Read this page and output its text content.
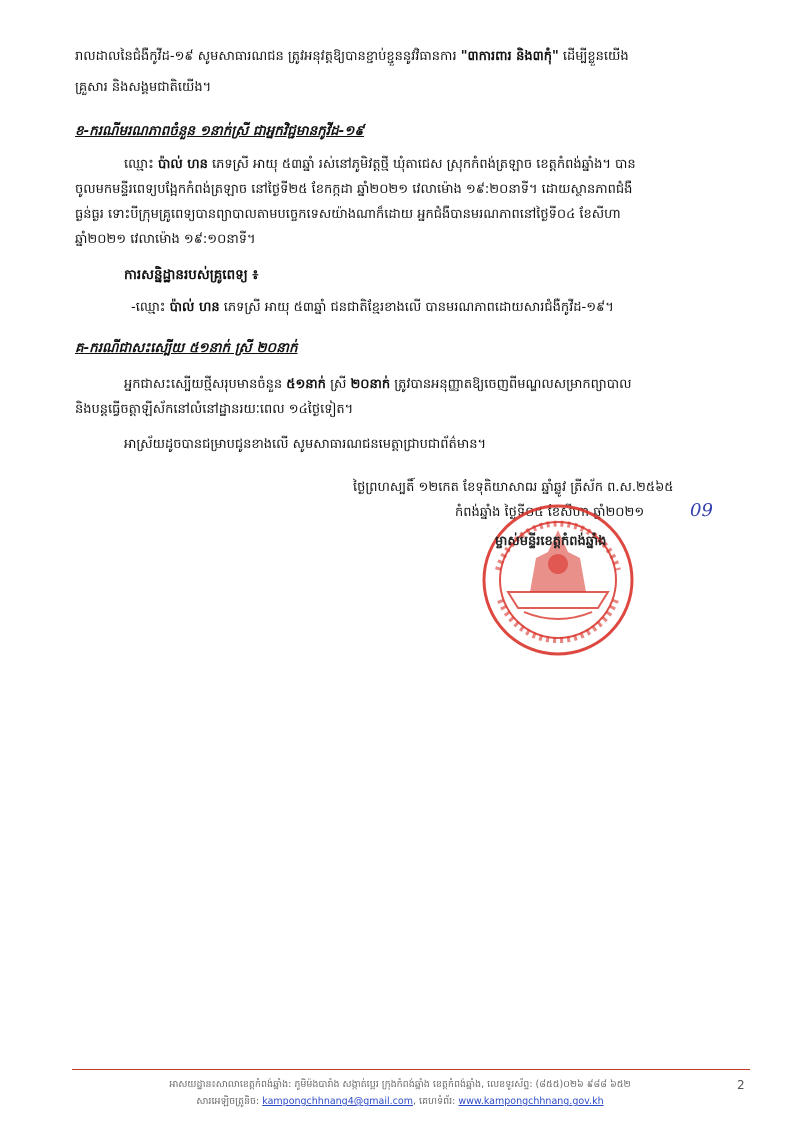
រាលដាលនៃជំងឺកូវីដ-១៩ សូមសាធារណជន ត្រូវអនុវត្តឱ្យបានខ្ជាប់ខ្ជួននូវវិធានការ "៣ការពារ និង៣កុំ" ដើម្បីខ្លួនយើង
គ្រួសារ និងសង្គមជាតិយើង។
ខ-ករណីមរណភាពចំនួន ១នាក់ស្រី ជាអ្នកវិជ្ជមានកូវីដ-១៩
ឈ្មោះ ប៉ាល់ ហន ភេទស្រី អាយុ ៥៣ឆ្នាំ រស់នៅភូមិវត្តថ្មី ឃុំតាជេស ស្រុកកំពង់ត្រឡាច ខេត្តកំពង់ឆ្នាំង។ បាន
ចូលមកមន្ទីរពេទ្យបង្អែកកំពង់ត្រឡាច នៅថ្ងៃទី២៥ ខែកក្កដា ឆ្នាំ២០២១ វេលាម៉ោង ១៩:២០នាទី។ ដោយស្ថានភាពជំងឺ
ធ្ងន់ធ្ងរ ទោះបីក្រុមគ្រូពេទ្យបានព្យាបាលតាមបច្ចេកទេសយ៉ាងណាក៏ដោយ អ្នកជំងឺបានមរណភាពនៅថ្ងៃទី០៤ ខែសីហា
ឆ្នាំ២០២១ វេលាម៉ោង ១៩:១០នាទី។
ការសន្និដ្ឋានរបស់គ្រូពេទ្យ ៖
-ឈ្មោះ ប៉ាល់ ហន ភេទស្រី អាយុ ៥៣ឆ្នាំ ជនជាតិខ្មែរខាងលើ បានមរណភាពដោយសារជំងឺកូវីដ-១៩។
គ-ករណីជាសះស្បើយ ៥១នាក់ ស្រី ២០នាក់
អ្នកជាសះស្បើយថ្មីសរុបមានចំនួន ៥១នាក់ ស្រី ២០នាក់ ត្រូវបានអនុញ្ញាតឱ្យចេញពីមណ្ឌលសម្រាកព្យាបាល
និងបន្តធ្វើចត្តាឡីស័កនៅលំនៅដ្ឋានរយៈពេល ១៤ថ្ងៃទៀត។
អាស្រ័យដូចបានជម្រាបជូនខាងលើ សូមសាធារណជនមេត្តាជ្រាបជាព័ត៌មាន។
ថ្ងៃព្រហស្បតិ៍ ១២កេត ខែទុតិយាសាឍ ឆ្នាំឆ្លូវ ត្រីស័ក ព.ស.២៥៦៥
កំពង់ឆ្នាំង ថ្ងៃទី០៥ ខែសីហា ឆ្នាំ២០២១	09
ម្ចាស់មន្ទីរខេត្តកំពង់ឆ្នាំង
អាសយដ្ឋាន៖សាលាខេត្តកំពង់ឆ្នាំង: ភូមិម៉ងបារាំង សង្កាត់ប្អេរ ក្រុងកំពង់ឆ្នាំង ខេត្តកំពង់ឆ្នាំង, លេខទូរស័ព្ទ: (៨៥៥)០២៦ ៩៨៨ ៦៥២
សារអេឡិចត្រូនិច: kampongchhnang4@gmail.com, គេហទំព័រ: www.kampongchhnang.gov.kh
2
